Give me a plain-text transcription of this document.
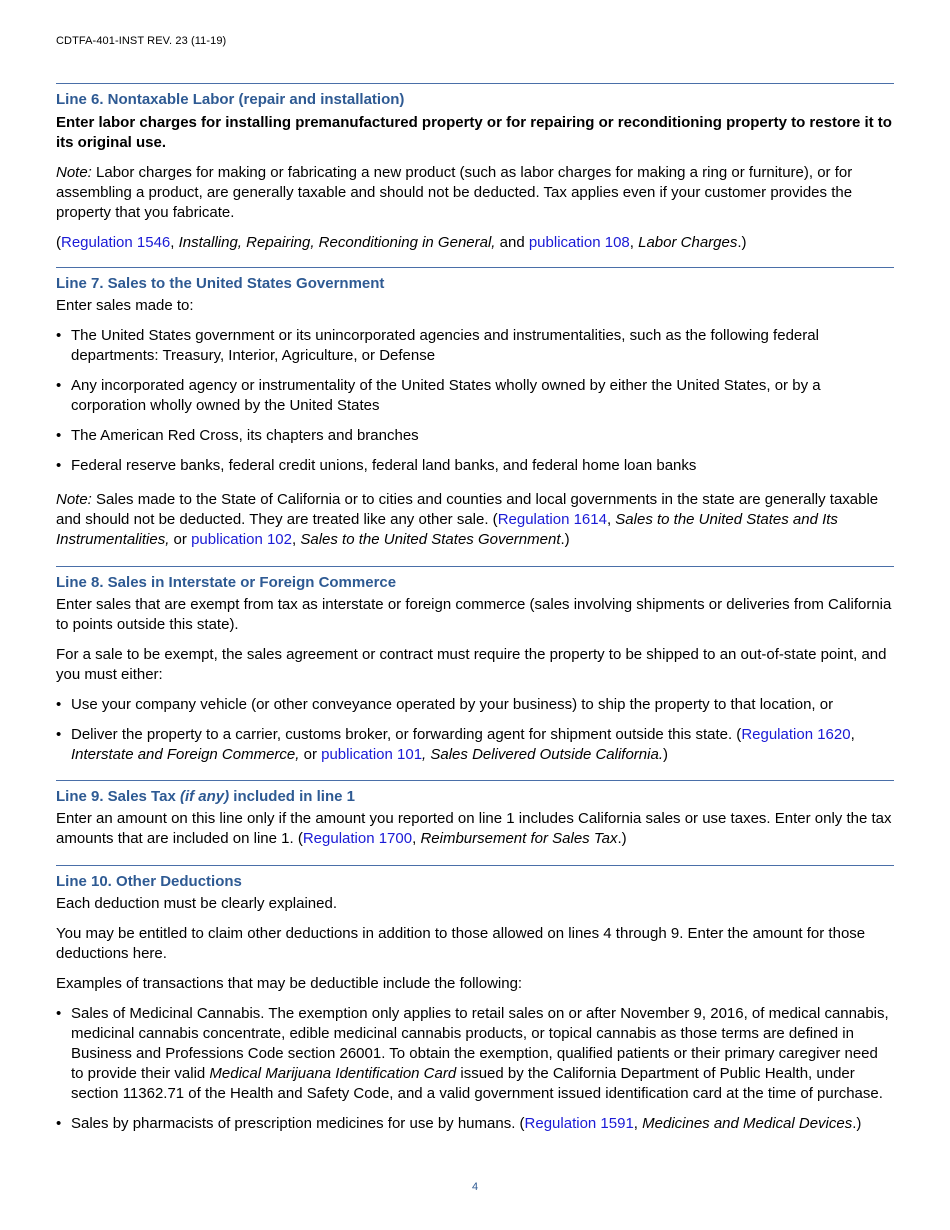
CDTFA-401-INST REV. 23 (11-19)
Line 6. Nontaxable Labor (repair and installation)

Enter labor charges for installing premanufactured property or for repairing or reconditioning property to restore it to its original use.

Note: Labor charges for making or fabricating a new product (such as labor charges for making a ring or furniture), or for assembling a product, are generally taxable and should not be deducted. Tax applies even if your customer provides the property that you fabricate.

(Regulation 1546, Installing, Repairing, Reconditioning in General, and publication 108, Labor Charges.)

Line 7. Sales to the United States Government

Enter sales made to:

• The United States government or its unincorporated agencies and instrumentalities, such as the following federal departments: Treasury, Interior, Agriculture, or Defense
• Any incorporated agency or instrumentality of the United States wholly owned by either the United States, or by a corporation wholly owned by the United States
• The American Red Cross, its chapters and branches
• Federal reserve banks, federal credit unions, federal land banks, and federal home loan banks

Note: Sales made to the State of California or to cities and counties and local governments in the state are generally taxable and should not be deducted. They are treated like any other sale. (Regulation 1614, Sales to the United States and Its Instrumentalities, or publication 102, Sales to the United States Government.)

Line 8. Sales in Interstate or Foreign Commerce

Enter sales that are exempt from tax as interstate or foreign commerce (sales involving shipments or deliveries from California to points outside this state).

For a sale to be exempt, the sales agreement or contract must require the property to be shipped to an out-of-state point, and you must either:

• Use your company vehicle (or other conveyance operated by your business) to ship the property to that location, or
• Deliver the property to a carrier, customs broker, or forwarding agent for shipment outside this state. (Regulation 1620, Interstate and Foreign Commerce, or publication 101, Sales Delivered Outside California.)
Line 9. Sales Tax (if any) included in line 1

Enter an amount on this line only if the amount you reported on line 1 includes California sales or use taxes. Enter only the tax amounts that are included on line 1. (Regulation 1700, Reimbursement for Sales Tax.)

Line 10. Other Deductions

Each deduction must be clearly explained.

You may be entitled to claim other deductions in addition to those allowed on lines 4 through 9. Enter the amount for those deductions here.

Examples of transactions that may be deductible include the following:

• Sales of Medicinal Cannabis. The exemption only applies to retail sales on or after November 9, 2016, of medical cannabis, medicinal cannabis concentrate, edible medicinal cannabis products, or topical cannabis as those terms are defined in Business and Professions Code section 26001. To obtain the exemption, qualified patients or their primary caregiver need to provide their valid Medical Marijuana Identification Card issued by the California Department of Public Health, under section 11362.71 of the Health and Safety Code, and a valid government issued identification card at the time of purchase.
• Sales by pharmacists of prescription medicines for use by humans. (Regulation 1591, Medicines and Medical Devices.)
4
